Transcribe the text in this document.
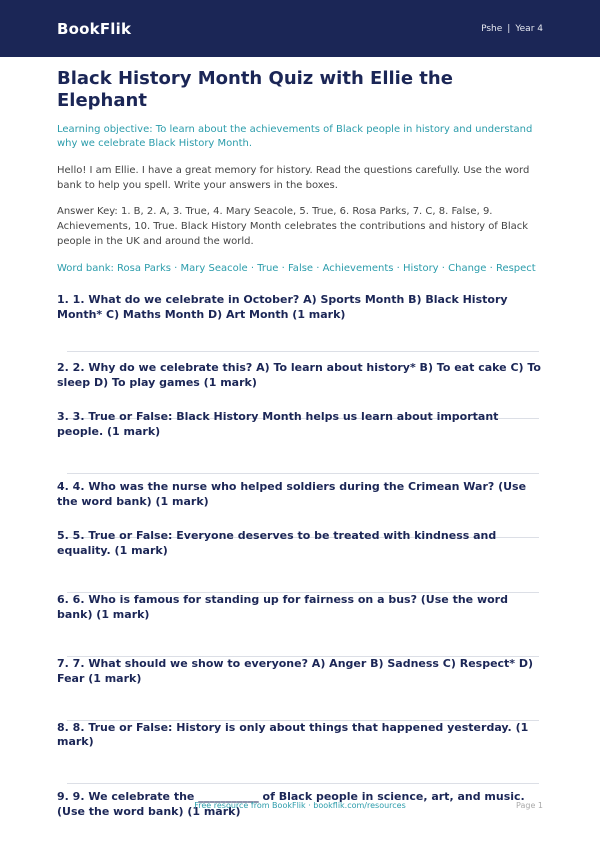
BookFlik	Pshe | Year 4
Black History Month Quiz with Ellie the Elephant

Learning objective: To learn about the achievements of Black people in history and understand why we celebrate Black History Month.

Hello! I am Ellie. I have a great memory for history. Read the questions carefully. Use the word bank to help you spell. Write your answers in the boxes.

Answer Key: 1. B, 2. A, 3. True, 4. Mary Seacole, 5. True, 6. Rosa Parks, 7. C, 8. False, 9. Achievements, 10. True. Black History Month celebrates the contributions and history of Black people in the UK and around the world.

Word bank: Rosa Parks · Mary Seacole · True · False · Achievements · History · Change · Respect

1. 1. What do we celebrate in October? A) Sports Month B) Black History Month* C) Maths Month D) Art Month (1 mark)
2. 2. Why do we celebrate this? A) To learn about history* B) To eat cake C) To sleep D) To play games (1 mark)
3. 3. True or False: Black History Month helps us learn about important people. (1 mark)
4. 4. Who was the nurse who helped soldiers during the Crimean War? (Use the word bank) (1 mark)
5. 5. True or False: Everyone deserves to be treated with kindness and equality. (1 mark)
6. 6. Who is famous for standing up for fairness on a bus? (Use the word bank) (1 mark)
7. 7. What should we show to everyone? A) Anger B) Sadness C) Respect* D) Fear (1 mark)
8. 8. True or False: History is only about things that happened yesterday. (1 mark)
9. 9. We celebrate the ___________ of Black people in science, art, and music. (Use the word bank) (1 mark)
Free resource from BookFlik · bookflik.com/resources	Page 1
